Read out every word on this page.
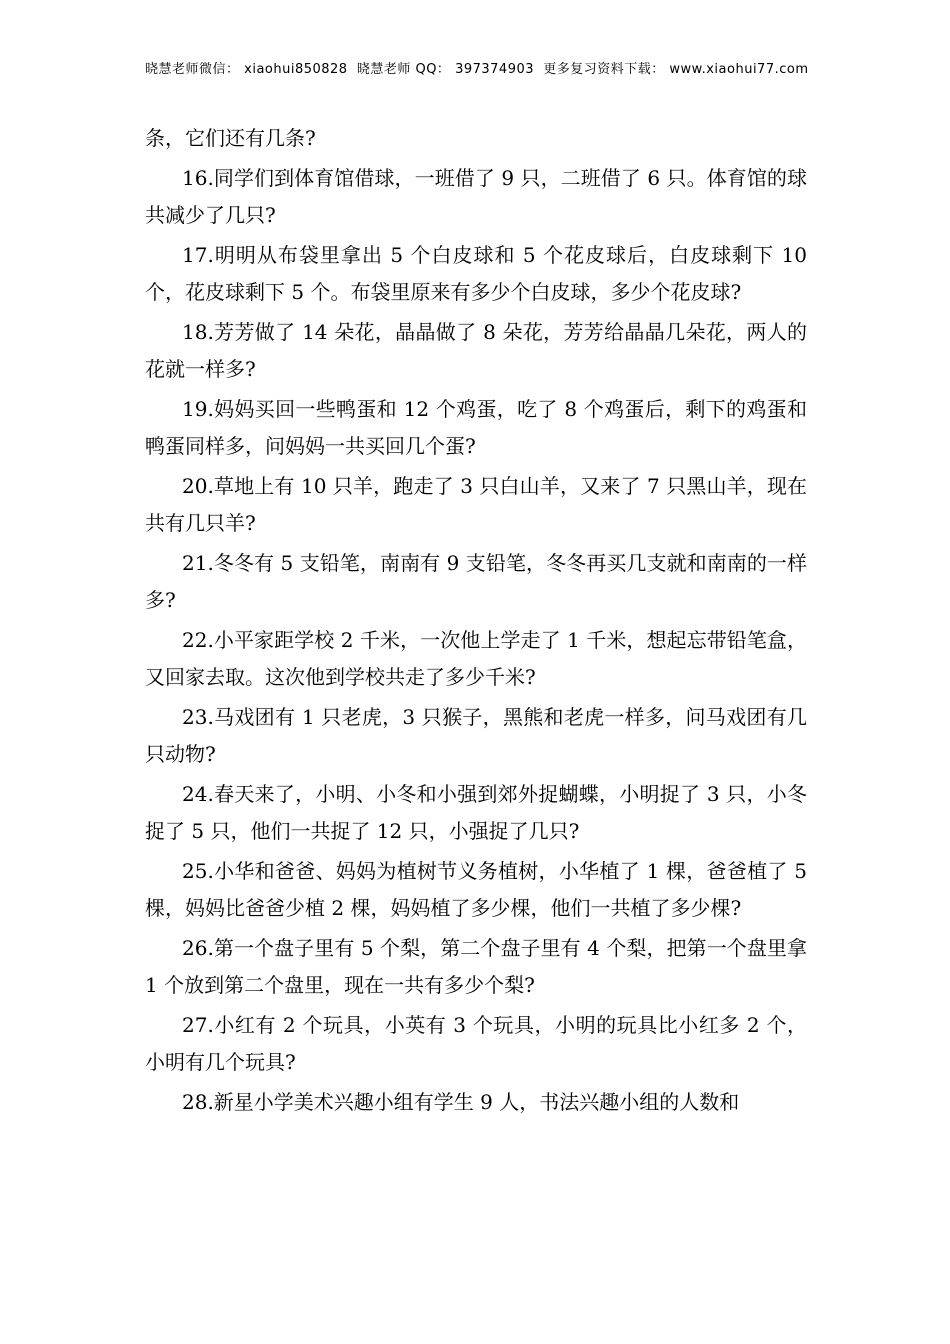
晓慧老师微信： xiaohui850828  晓慧老师 QQ： 397374903  更多复习资料下载： www.xiaohui77.com

条，它们还有几条?

16.同学们到体育馆借球，一班借了 9 只，二班借了 6 只。体育馆的球共减少了几只?

17.明明从布袋里拿出 5 个白皮球和 5 个花皮球后，白皮球剩下 10 个，花皮球剩下 5 个。布袋里原来有多少个白皮球，多少个花皮球?

18.芳芳做了 14 朵花，晶晶做了 8 朵花，芳芳给晶晶几朵花，两人的花就一样多?

19.妈妈买回一些鸭蛋和 12 个鸡蛋，吃了 8 个鸡蛋后，剩下的鸡蛋和鸭蛋同样多，问妈妈一共买回几个蛋?

20.草地上有 10 只羊，跑走了 3 只白山羊，又来了 7 只黑山羊，现在共有几只羊?

21.冬冬有 5 支铅笔，南南有 9 支铅笔，冬冬再买几支就和南南的一样多?

22.小平家距学校 2 千米，一次他上学走了 1 千米，想起忘带铅笔盒，又回家去取。这次他到学校共走了多少千米?

23.马戏团有 1 只老虎，3 只猴子，黑熊和老虎一样多，问马戏团有几只动物?

24.春天来了，小明、小冬和小强到郊外捉蝴蝶，小明捉了 3 只，小冬捉了 5 只，他们一共捉了 12 只，小强捉了几只?

25.小华和爸爸、妈妈为植树节义务植树，小华植了 1 棵，爸爸植了 5 棵，妈妈比爸爸少植 2 棵，妈妈植了多少棵，他们一共植了多少棵?

26.第一个盘子里有 5 个梨，第二个盘子里有 4 个梨，把第一个盘里拿 1 个放到第二个盘里，现在一共有多少个梨?

27.小红有 2 个玩具，小英有 3 个玩具，小明的玩具比小红多 2 个，小明有几个玩具?

28.新星小学美术兴趣小组有学生 9 人，书法兴趣小组的人数和
